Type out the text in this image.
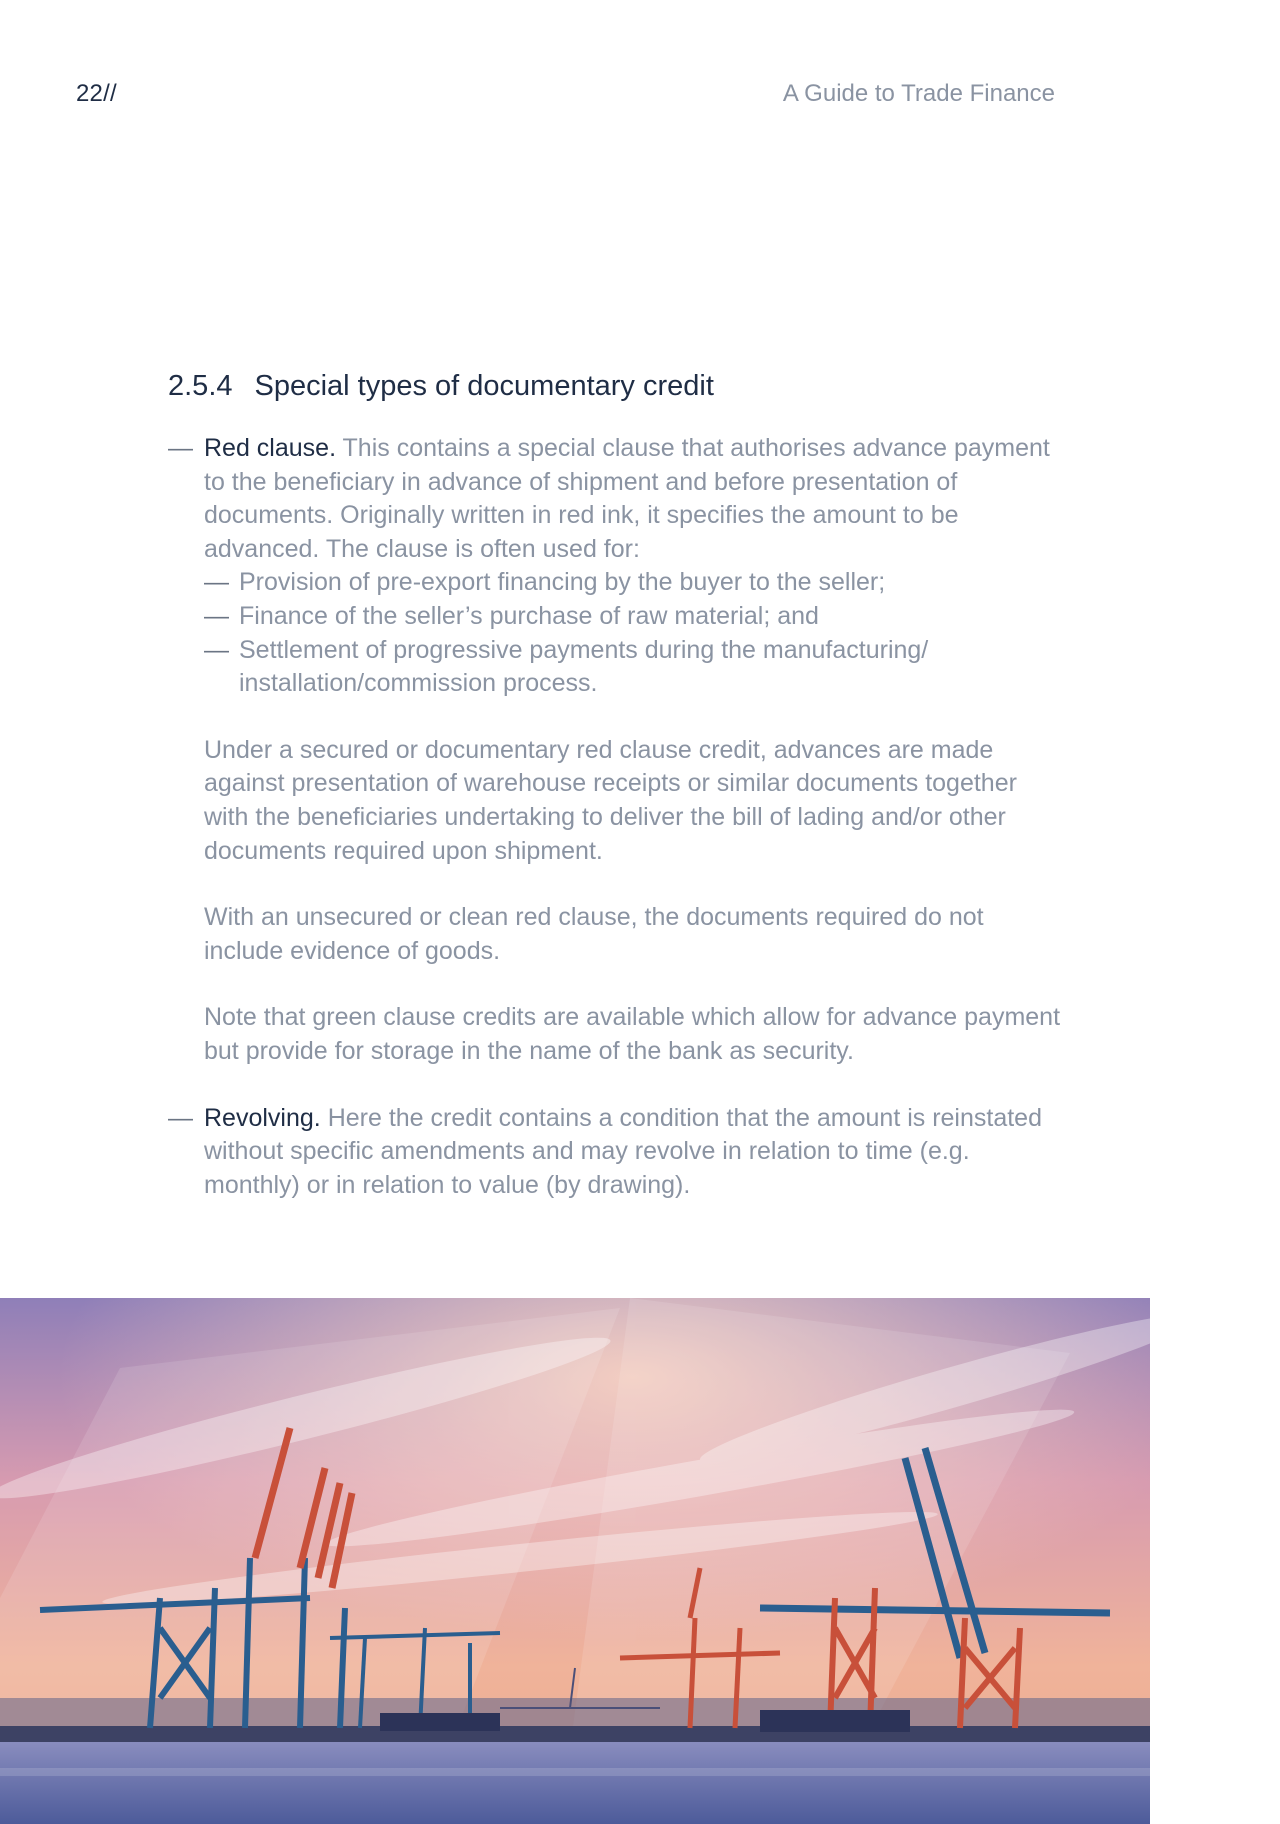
22//	A Guide to Trade Finance
2.5.4 Special types of documentary credit
— Red clause. This contains a special clause that authorises advance payment to the beneficiary in advance of shipment and before presentation of documents. Originally written in red ink, it specifies the amount to be advanced. The clause is often used for:

— Provision of pre-export financing by the buyer to the seller;
— Finance of the seller’s purchase of raw material; and
— Settlement of progressive payments during the manufacturing/ installation/commission process.

Under a secured or documentary red clause credit, advances are made against presentation of warehouse receipts or similar documents together with the beneficiaries undertaking to deliver the bill of lading and/or other documents required upon shipment.

With an unsecured or clean red clause, the documents required do not include evidence of goods.

Note that green clause credits are available which allow for advance payment but provide for storage in the name of the bank as security.

— Revolving. Here the credit contains a condition that the amount is reinstated without specific amendments and may revolve in relation to time (e.g. monthly) or in relation to value (by drawing).
